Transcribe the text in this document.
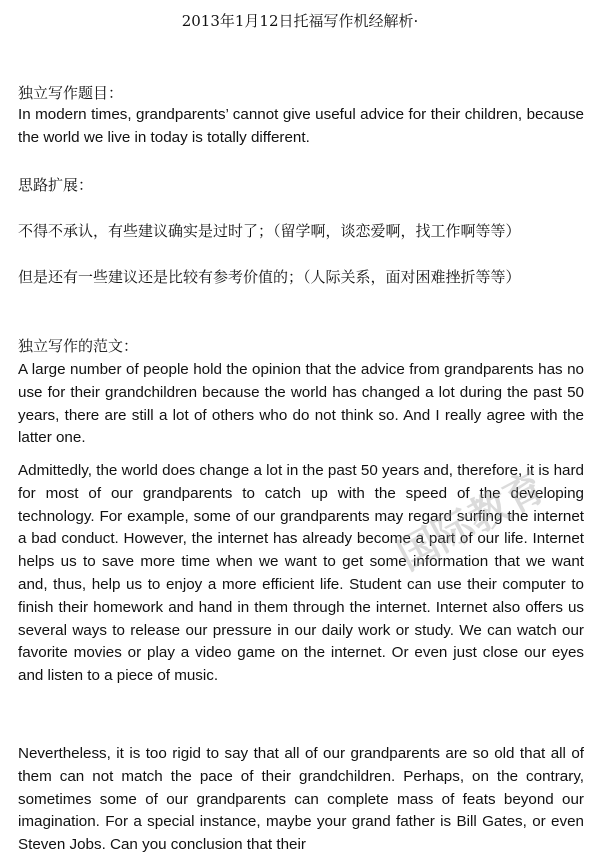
2013年1月12日托福写作机经解析·
独立写作题目：
In modern times, grandparents’ cannot give useful advice for their children, because the world we live in today is totally different.
思路扩展：
不得不承认，有些建议确实是过时了；（留学啊，谈恋爱啊，找工作啊等等）
但是还有一些建议还是比较有参考价值的；（人际关系，面对困难挫折等等）
独立写作的范文：
A large number of people hold the opinion that the advice from grandparents has no use for their grandchildren because the world has changed a lot during the past 50 years, there are still a lot of others who do not think so. And I really agree with the latter one.
Admittedly, the world does change a lot in the past 50 years and, therefore, it is hard for most of our grandparents to catch up with the speed of the developing technology. For example, some of our grandparents may regard surfing the internet a bad conduct. However, the internet has already become a part of our life. Internet helps us to save more time when we want to get some information that we want and, thus, help us to enjoy a more efficient life. Student can use their computer to finish their homework and hand in them through the internet. Internet also offers us several ways to release our pressure in our daily work or study. We can watch our favorite movies or play a video game on the internet. Or even just close our eyes and listen to a piece of music.
Nevertheless, it is too rigid to say that all of our grandparents are so old that all of them can not match the pace of their grandchildren. Perhaps, on the contrary, sometimes some of our grandparents can complete mass of feats beyond our imagination. For a special instance, maybe your grand father is Bill Gates, or even Steven Jobs. Can you conclusion that their
国际教育
